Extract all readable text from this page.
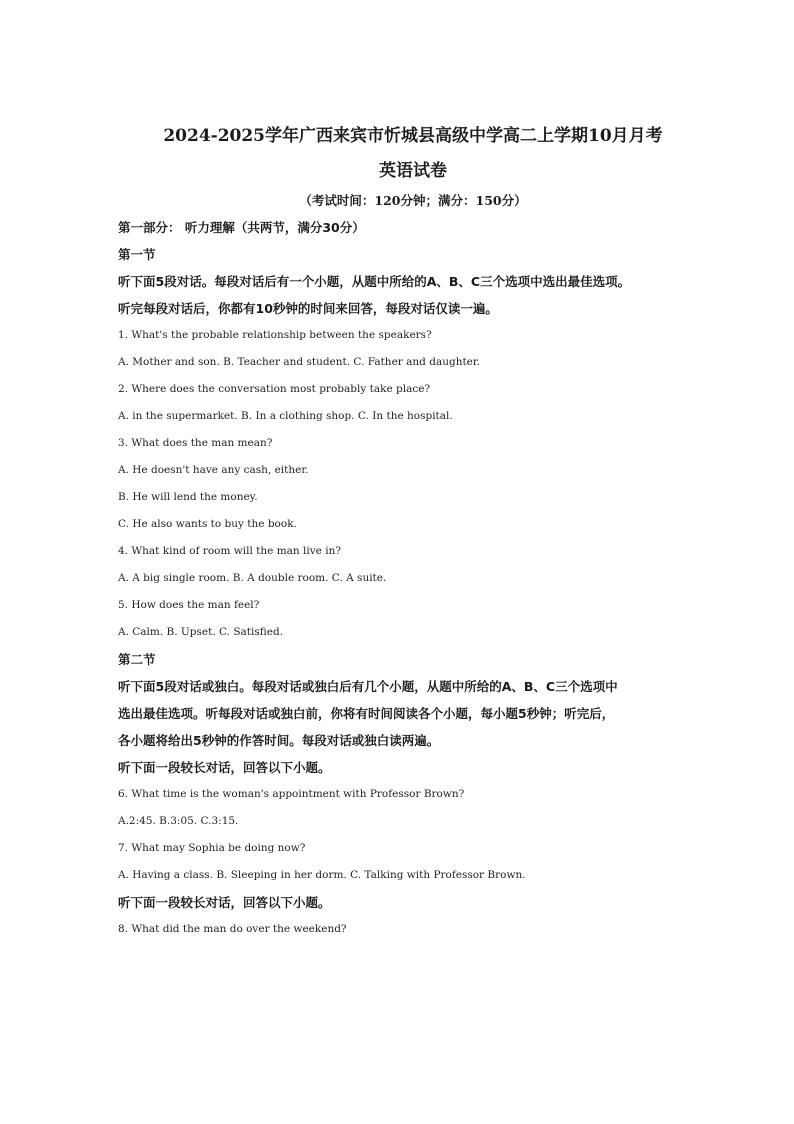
2024-2025学年广西来宾市忻城县高级中学高二上学期10月月考
英语试卷
（考试时间：120分钟；满分：150分）

第一部分： 听力理解（共两节，满分30分）

第一节

听下面5段对话。每段对话后有一个小题，从题中所给的A、B、C三个选项中选出最佳选项。

听完每段对话后，你都有10秒钟的时间来回答，每段对话仅读一遍。

1. What's the probable relationship between the speakers?

A. Mother and son. B. Teacher and student. C. Father and daughter.

2. Where does the conversation most probably take place?

A. in the supermarket. B. In a clothing shop. C. In the hospital.

3. What does the man mean?

A. He doesn't have any cash, either.

B. He will lend the money.

C. He also wants to buy the book.

4. What kind of room will the man live in?

A. A big single room. B. A double room. C. A suite.

5. How does the man feel?

A. Calm. B. Upset. C. Satisfied.

第二节

听下面5段对话或独白。每段对话或独白后有几个小题，从题中所给的A、B、C三个选项中

选出最佳选项。听每段对话或独白前，你将有时间阅读各个小题，每小题5秒钟；听完后，

各小题将给出5秒钟的作答时间。每段对话或独白读两遍。

听下面一段较长对话，回答以下小题。

6. What time is the woman's appointment with Professor Brown?

A.2:45. B.3:05. C.3:15.

7. What may Sophia be doing now?

A. Having a class. B. Sleeping in her dorm. C. Talking with Professor Brown.

听下面一段较长对话，回答以下小题。

8. What did the man do over the weekend?
